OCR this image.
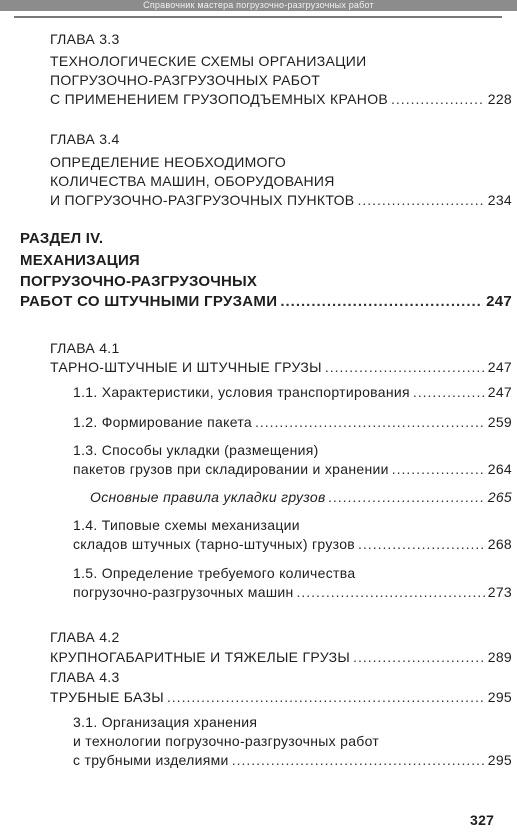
Справочник мастера погрузочно-разгрузочных работ
ГЛАВА 3.3
ТЕХНОЛОГИЧЕСКИЕ СХЕМЫ ОРГАНИЗАЦИИ
ПОГРУЗОЧНО-РАЗГРУЗОЧНЫХ РАБОТ
С ПРИМЕНЕНИЕМ ГРУЗОПОДЪЕМНЫХ КРАНОВ .....	228
ГЛАВА 3.4
ОПРЕДЕЛЕНИЕ НЕОБХОДИМОГО
КОЛИЧЕСТВА МАШИН, ОБОРУДОВАНИЯ
И ПОГРУЗОЧНО-РАЗГРУЗОЧНЫХ ПУНКТОВ .....	234
РАЗДЕЛ IV.
МЕХАНИЗАЦИЯ
ПОГРУЗОЧНО-РАЗГРУЗОЧНЫХ
РАБОТ СО ШТУЧНЫМИ ГРУЗАМИ .....	247
ГЛАВА 4.1
ТАРНО-ШТУЧНЫЕ И ШТУЧНЫЕ ГРУЗЫ .....	247
1.1. Характеристики, условия транспортирования .....	247
1.2. Формирование пакета .....	259
1.3. Способы укладки (размещения)
пакетов грузов при складировании и хранении .....	264
Основные правила укладки грузов .....	265
1.4. Типовые схемы механизации
складов штучных (тарно-штучных) грузов .....	268
1.5. Определение требуемого количества
погрузочно-разгрузочных машин .....	273
ГЛАВА 4.2
КРУПНОГАБАРИТНЫЕ И ТЯЖЕЛЫЕ ГРУЗЫ .....	289
ГЛАВА 4.3
ТРУБНЫЕ БАЗЫ .....	295
3.1. Организация хранения
и технологии погрузочно-разгрузочных работ
с трубными изделиями .....	295
327
